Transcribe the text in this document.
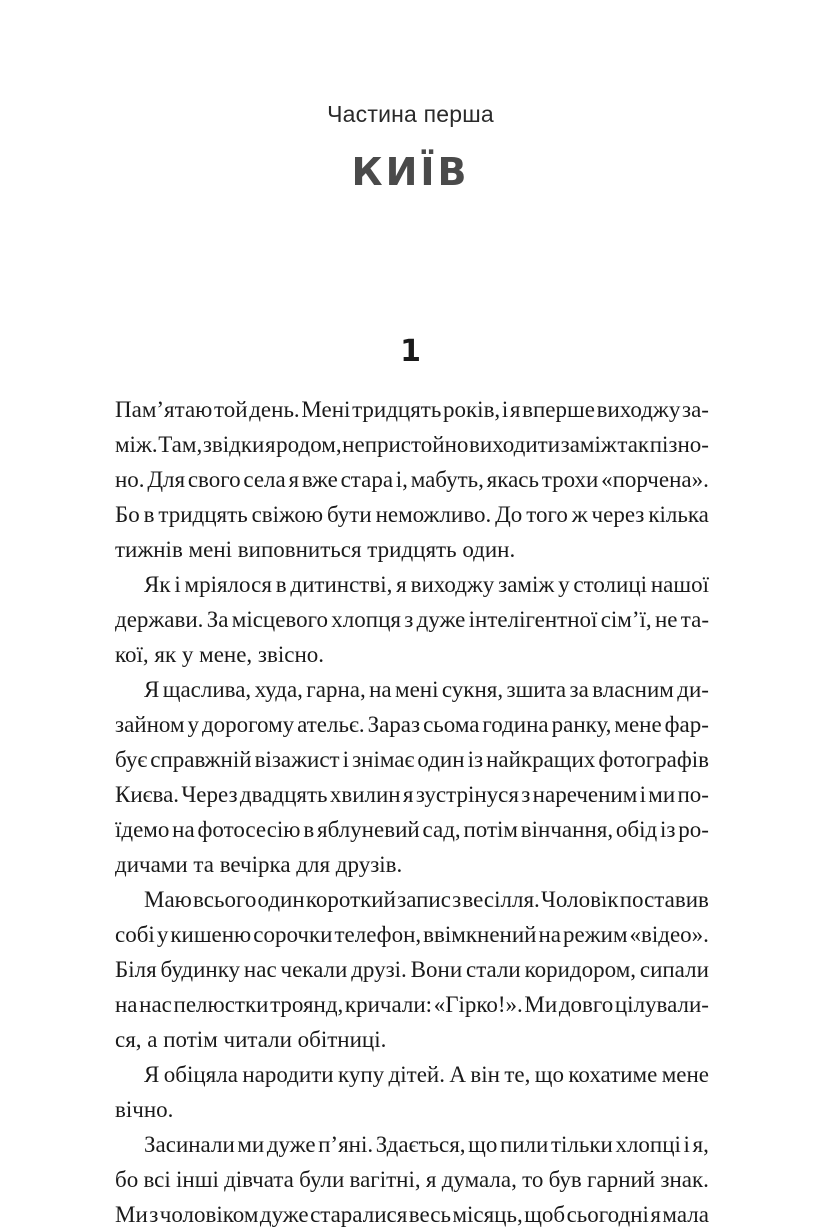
Частина перша
КИЇВ
1
Пам’ятаю той день. Мені тридцять років, і я вперше виходжу за-
між. Там, звідки я родом, непристойно виходити заміж так пізно-
но. Для свого села я вже стара і, мабуть, якась трохи «порчена».
Бо в тридцять свіжою бути неможливо. До того ж через кілька
тижнів мені виповниться тридцять один.
Як і мріялося в дитинстві, я виходжу заміж у столиці нашої
держави. За місцевого хлопця з дуже інтелігентної сім’ї, не та-
кої, як у мене, звісно.
Я щаслива, худа, гарна, на мені сукня, зшита за власним ди-
зайном у дорогому ательє. Зараз сьома година ранку, мене фар-
бує справжній візажист і знімає один із найкращих фотографів
Києва. Через двадцять хвилин я зустрінуся з нареченим і ми по-
їдемо на фотосесію в яблуневий сад, потім вінчання, обід із ро-
дичами та вечірка для друзів.
Маю всього один короткий запис з весілля. Чоловік поставив
собі у кишеню сорочки телефон, ввімкнений на режим «відео».
Біля будинку нас чекали друзі. Вони стали коридором, сипали
на нас пелюстки троянд, кричали: «Гірко!». Ми довго цілували-
ся, а потім читали обітниці.
Я обіцяла народити купу дітей. А він те, що кохатиме мене
вічно.
Засинали ми дуже п’яні. Здається, що пили тільки хлопці і я,
бо всі інші дівчата були вагітні, я думала, то був гарний знак.
Ми з чоловіком дуже старалися весь місяць, щоб сьогодні я мала
